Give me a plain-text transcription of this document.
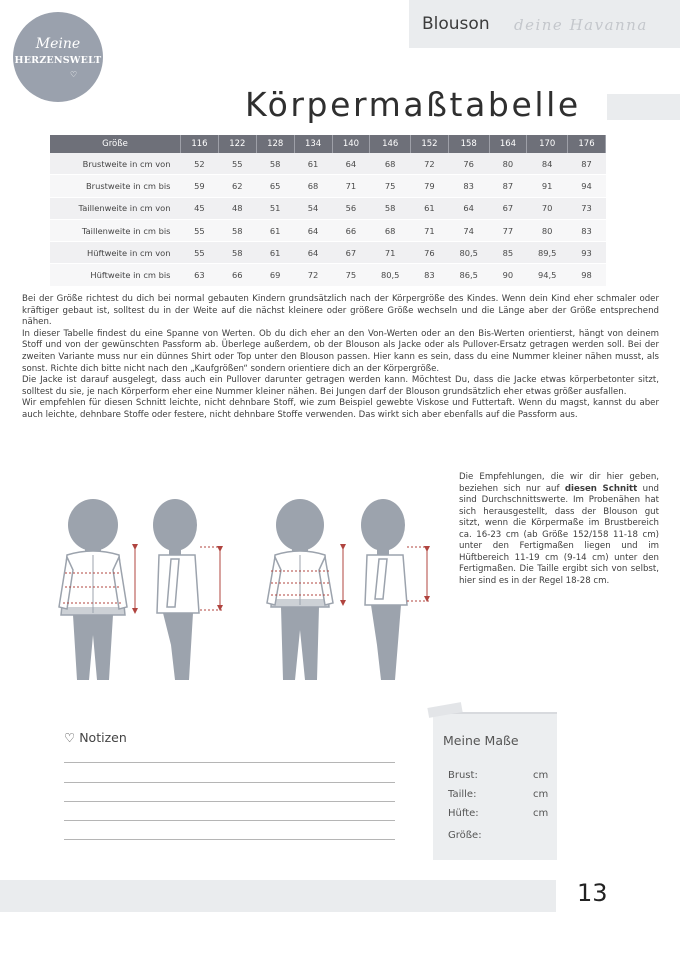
Meine
HERZENSWELT
♡
Blouson deine Havanna
Körpermaßtabelle
Größe	116	122	128	134	140	146	152	158	164	170	176
Brustweite in cm von	52	55	58	61	64	68	72	76	80	84	87
Brustweite in cm bis	59	62	65	68	71	75	79	83	87	91	94
Taillenweite in cm von	45	48	51	54	56	58	61	64	67	70	73
Taillenweite in cm bis	55	58	61	64	66	68	71	74	77	80	83
Hüftweite in cm von	55	58	61	64	67	71	76	80,5	85	89,5	93
Hüftweite in cm bis	63	66	69	72	75	80,5	83	86,5	90	94,5	98

Bei der Größe richtest du dich bei normal gebauten Kindern grundsätzlich nach der Körpergröße des Kindes. Wenn dein Kind eher schmaler oder kräftiger gebaut ist, solltest du in der Weite auf die nächst kleinere oder größere Größe wechseln und die Länge aber der Größe entsprechend nähen.

In dieser Tabelle findest du eine Spanne von Werten. Ob du dich eher an den Von-Werten oder an den Bis-Werten orientierst, hängt von deinem Stoff und von der gewünschten Passform ab. Überlege außerdem, ob der Blouson als Jacke oder als Pullover-Ersatz getragen werden soll. Bei der zweiten Variante muss nur ein dünnes Shirt oder Top unter den Blouson passen. Hier kann es sein, dass du eine Nummer kleiner nähen musst, als sonst. Richte dich bitte nicht nach den „Kaufgrößen“ sondern orientiere dich an der Körpergröße.

Die Jacke ist darauf ausgelegt, dass auch ein Pullover darunter getragen werden kann. Möchtest Du, dass die Jacke etwas körperbetonter sitzt, solltest du sie, je nach Körperform eher eine Nummer kleiner nähen. Bei Jungen darf der Blouson grundsätzlich eher etwas größer ausfallen.

Wir empfehlen für diesen Schnitt leichte, nicht dehnbare Stoff, wie zum Beispiel gewebte Viskose und Futtertaft. Wenn du magst, kannst du aber auch leichte, dehnbare Stoffe oder festere, nicht dehnbare Stoffe verwenden. Das wirkt sich aber ebenfalls auf die Passform aus.

Die Empfehlungen, die wir dir hier geben, beziehen sich nur auf diesen Schnitt und sind Durchschnittswerte. Im Probenähen hat sich herausgestellt, dass der Blouson gut sitzt, wenn die Körpermaße im Brustbereich ca. 16-23 cm (ab Größe 152/158 11-18 cm) unter den Fertigmaßen liegen und im Hüftbereich 11-19 cm (9-14 cm) unter den Fertigmaßen. Die Taille ergibt sich von selbst, hier sind es in der Regel 18-28 cm.
♡ Notizen	Meine Maße
Brust:	cm
Taille:	cm
Hüfte:	cm
Größe:
13
